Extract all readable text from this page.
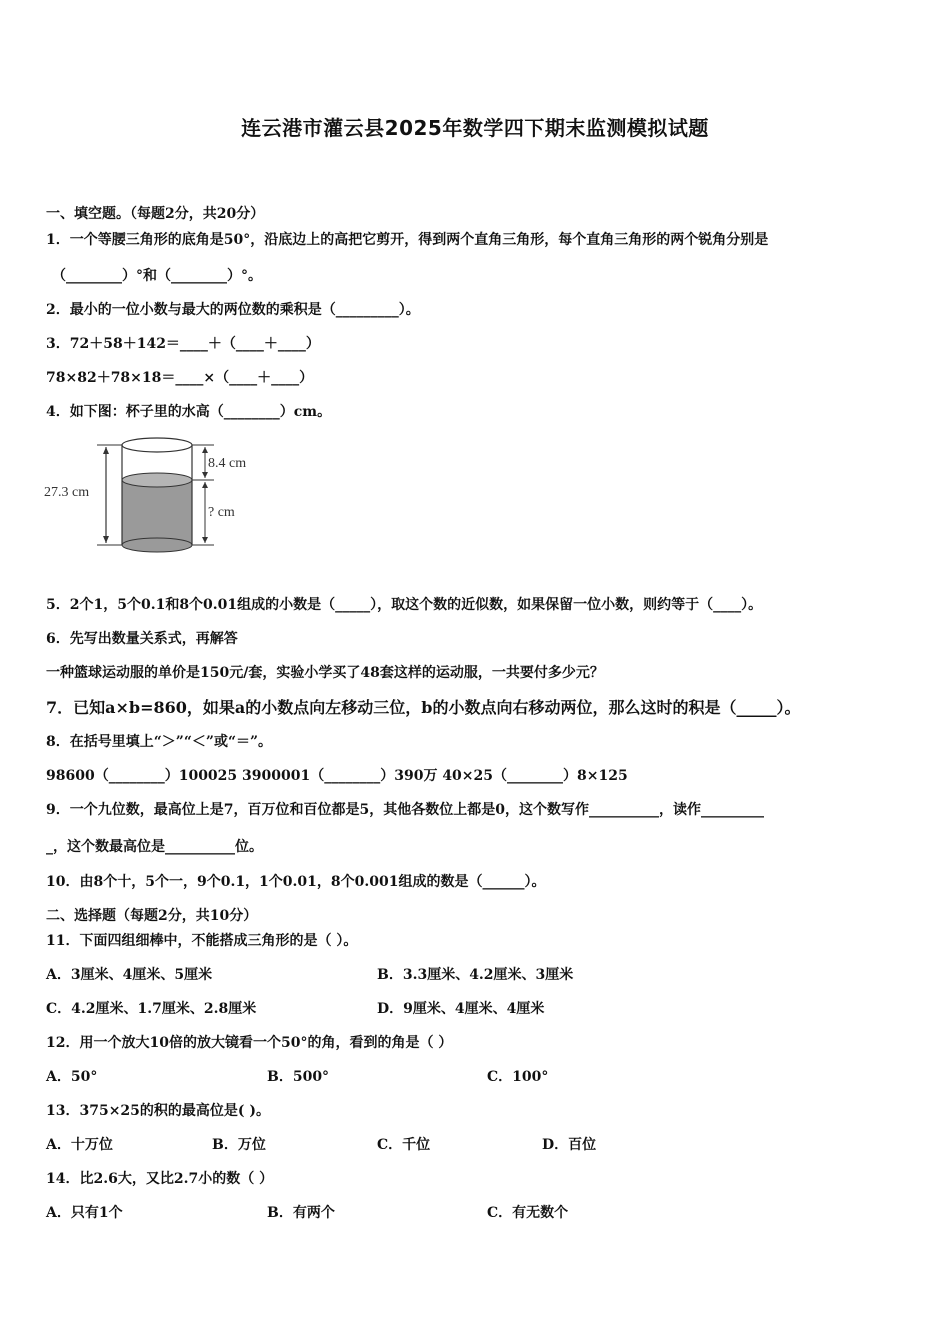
连云港市灌云县2025年数学四下期末监测模拟试题
一、填空题。（每题2分，共20分）
1．一个等腰三角形的底角是50°，沿底边上的高把它剪开，得到两个直角三角形，每个直角三角形的两个锐角分别是
（________）°和（________）°。
2．最小的一位小数与最大的两位数的乘积是（_________）。
3．72＋58＋142＝____＋（____＋____）
78×82＋78×18＝____×（____＋____）
4．如下图：杯子里的水高（________）cm。
27.3 cm
8.4 cm
? cm
5．2个1，5个0.1和8个0.01组成的小数是（_____），取这个数的近似数，如果保留一位小数，则约等于（____）。
6．先写出数量关系式，再解答
一种篮球运动服的单价是150元/套，实验小学买了48套这样的运动服，一共要付多少元？
7．已知a×b=860，如果a的小数点向左移动三位，b的小数点向右移动两位，那么这时的积是（_____）。
8．在括号里填上“＞”“＜”或“＝”。
98600（________）100025 3900001（________）390万 40×25（________）8×125
9．一个九位数，最高位上是7，百万位和百位都是5，其他各数位上都是0，这个数写作__________，读作_________
_，这个数最高位是__________位。
10．由8个十，5个一，9个0.1，1个0.01，8个0.001组成的数是（______）。
二、选择题（每题2分，共10分）
11．下面四组细棒中，不能搭成三角形的是（ ）。
A．3厘米、4厘米、5厘米	B．3.3厘米、4.2厘米、3厘米
C．4.2厘米、1.7厘米、2.8厘米	D．9厘米、4厘米、4厘米
12．用一个放大10倍的放大镜看一个50°的角，看到的角是（ ）
A．50°	B．500°	C．100°
13．375×25的积的最高位是( )。
A．十万位	B．万位	C．千位	D．百位
14．比2.6大，又比2.7小的数（ ）
A．只有1个	B．有两个	C．有无数个
